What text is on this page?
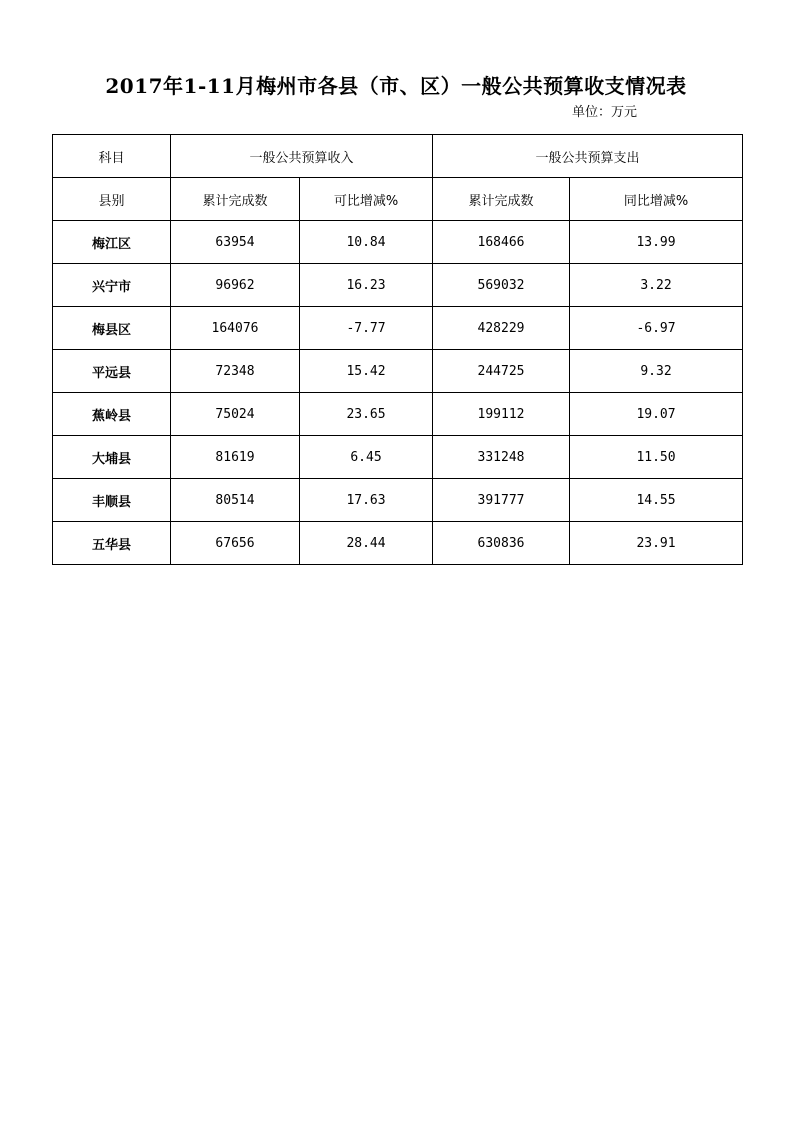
2017年1-11月梅州市各县（市、区）一般公共预算收支情况表
单位：万元
科目	一般公共预算收入		一般公共预算支出	
县别	累计完成数	可比增减%	累计完成数	同比增减%
梅江区	63954	10.84	168466	13.99
兴宁市	96962	16.23	569032	3.22
梅县区	164076	-7.77	428229	-6.97
平远县	72348	15.42	244725	9.32
蕉岭县	75024	23.65	199112	19.07
大埔县	81619	6.45	331248	11.50
丰顺县	80514	17.63	391777	14.55
五华县	67656	28.44	630836	23.91
